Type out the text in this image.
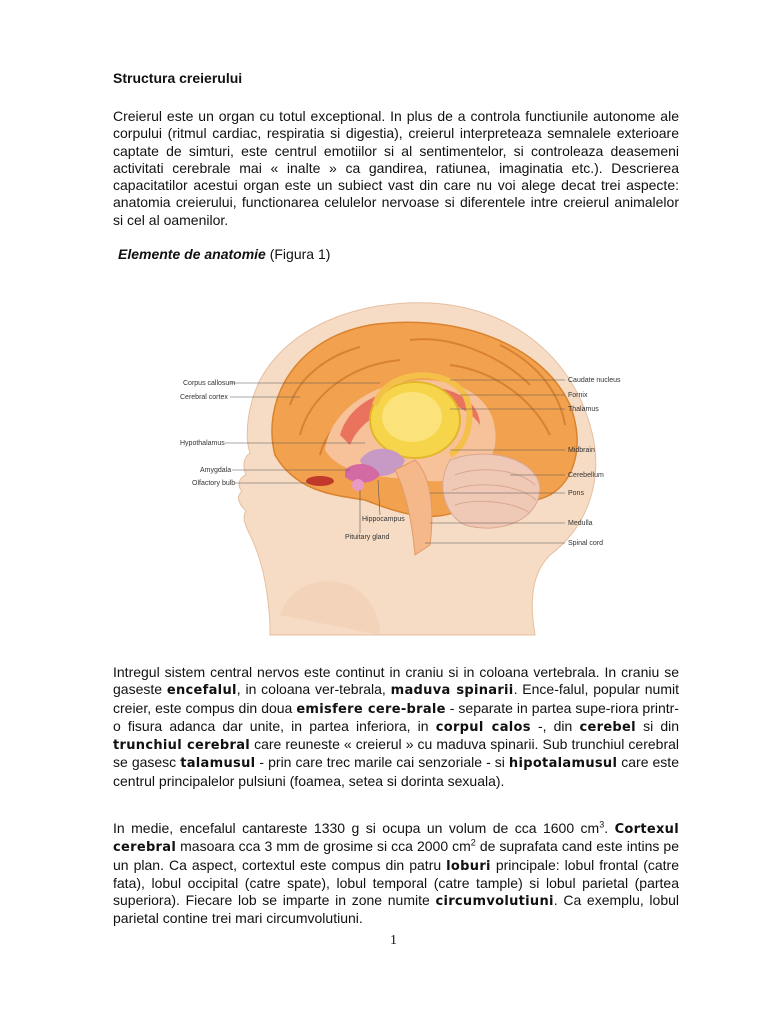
Structura creierului
Creierul este un organ cu totul exceptional. In plus de a controla functiunile autonome ale corpului (ritmul cardiac, respiratia si digestia), creierul interpreteaza semnalele exterioare captate de simturi, este centrul emotiilor si al sentimentelor, si controleaza deasemeni activitati cerebrale mai « inalte » ca gandirea, ratiunea, imaginatia etc.). Descrierea capacitatilor acestui organ este un subiect vast din care nu voi alege decat trei aspecte: anatomia creierului, functionarea celulelor nervoase si diferentele intre creierul animalelor si cel al oamenilor.
Elemente de anatomie (Figura 1)
Corpus callosum
Cerebral cortex
Hypothalamus
Amygdala
Olfactory bulb
Hippocampus
Pituitary gland
Caudate nucleus
Fornix
Thalamus
Midbrain
Cerebellum
Pons
Medulla
Spinal cord
Intregul sistem central nervos este continut in craniu si in coloana vertebrala. In craniu se gaseste encefalul, in coloana ver-tebrala, maduva spinarii. Ence-falul, popular numit creier, este compus din doua emisfere cere-brale - separate in partea supe-riora printr-o fisura adanca dar unite, in partea inferiora, in corpul calos -, din cerebel si din trunchiul cerebral care reuneste « creierul » cu maduva spinarii. Sub trunchiul cerebral se gasesc talamusul - prin care trec marile cai senzoriale - si hipotalamusul care este centrul principalelor pulsiuni (foamea, setea si dorinta sexuala).
In medie, encefalul cantareste 1330 g si ocupa un volum de cca 1600 $cm^3$. Cortexul cerebral masoara cca 3 mm de grosime si cca 2000 $cm^2$ de suprafata cand este intins pe un plan. Ca aspect, cortextul este compus din patru loburi principale: lobul frontal (catre fata), lobul occipital (catre spate), lobul temporal (catre tample) si lobul parietal (partea superiora). Fiecare lob se imparte in zone numite circumvolutiuni. Ca exemplu, lobul parietal contine trei mari circumvolutiuni.
1
